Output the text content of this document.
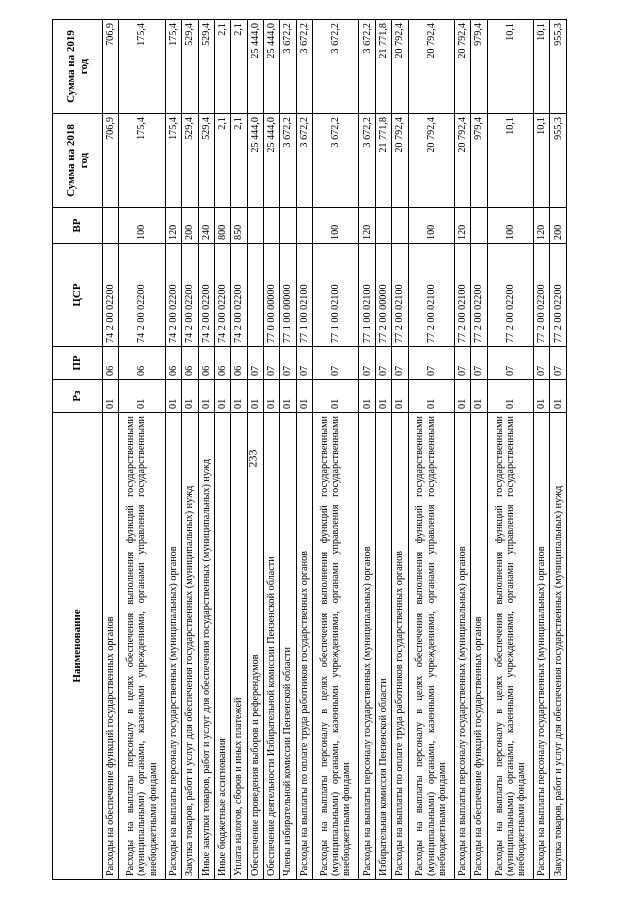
233
Наименование	Рз	ПР	ЦСР	ВР	Сумма на 2018 год	Сумма на 2019 год
Расходы на обеспечение функций государственных органов	01	06	74 2 00 02200		706,9	706,9
Расходы на выплаты персоналу в целях обеспечения выполнения функций государственными (муниципальными) органами, казенными учреждениями, органами управления государственными внебюджетными фондами	01	06	74 2 00 02200	100	175,4	175,4
Расходы на выплаты персоналу государственных (муниципальных) органов	01	06	74 2 00 02200	120	175,4	175,4
Закупка товаров, работ и услуг для обеспечения государственных (муниципальных) нужд	01	06	74 2 00 02200	200	529,4	529,4
Иные закупки товаров, работ и услуг для обеспечения государственных (муниципальных) нужд	01	06	74 2 00 02200	240	529,4	529,4
Иные бюджетные ассигнования	01	06	74 2 00 02200	800	2,1	2,1
Уплата налогов, сборов и иных платежей	01	06	74 2 00 02200	850	2,1	2,1
Обеспечение проведения выборов и референдумов	01	07			25 444,0	25 444,0
Обеспечение деятельности Избирательной комиссии Пензенской области	01	07	77 0 00 00000		25 444,0	25 444,0
Члены избирательной комиссии Пензенской области	01	07	77 1 00 00000		3 672,2	3 672,2
Расходы на выплаты по оплате труда работников государственных органов	01	07	77 1 00 02100		3 672,2	3 672,2
Расходы на выплаты персоналу в целях обеспечения выполнения функций государственными (муниципальными) органами, казенными учреждениями, органами управления государственными внебюджетными фондами	01	07	77 1 00 02100	100	3 672,2	3 672,2
Расходы на выплаты персоналу государственных (муниципальных) органов	01	07	77 1 00 02100	120	3 672,2	3 672,2
Избирательная комиссия Пензенской области	01	07	77 2 00 00000		21 771,8	21 771,8
Расходы на выплаты по оплате труда работников государственных органов	01	07	77 2 00 02100		20 792,4	20 792,4
Расходы на выплаты персоналу в целях обеспечения выполнения функций государственными (муниципальными) органами, казенными учреждениями, органами управления государственными внебюджетными фондами	01	07	77 2 00 02100	100	20 792,4	20 792,4
Расходы на выплаты персоналу государственных (муниципальных) органов	01	07	77 2 00 02100	120	20 792,4	20 792,4
Расходы на обеспечение функций государственных органов	01	07	77 2 00 02200		979,4	979,4
Расходы на выплаты персоналу в целях обеспечения выполнения функций государственными (муниципальными) органами, казенными учреждениями, органами управления государственными внебюджетными фондами	01	07	77 2 00 02200	100	10,1	10,1
Расходы на выплаты персоналу государственных (муниципальных) органов	01	07	77 2 00 02200	120	10,1	10,1
Закупка товаров, работ и услуг для обеспечения государственных (муниципальных) нужд	01	07	77 2 00 02200	200	955,3	955,3
